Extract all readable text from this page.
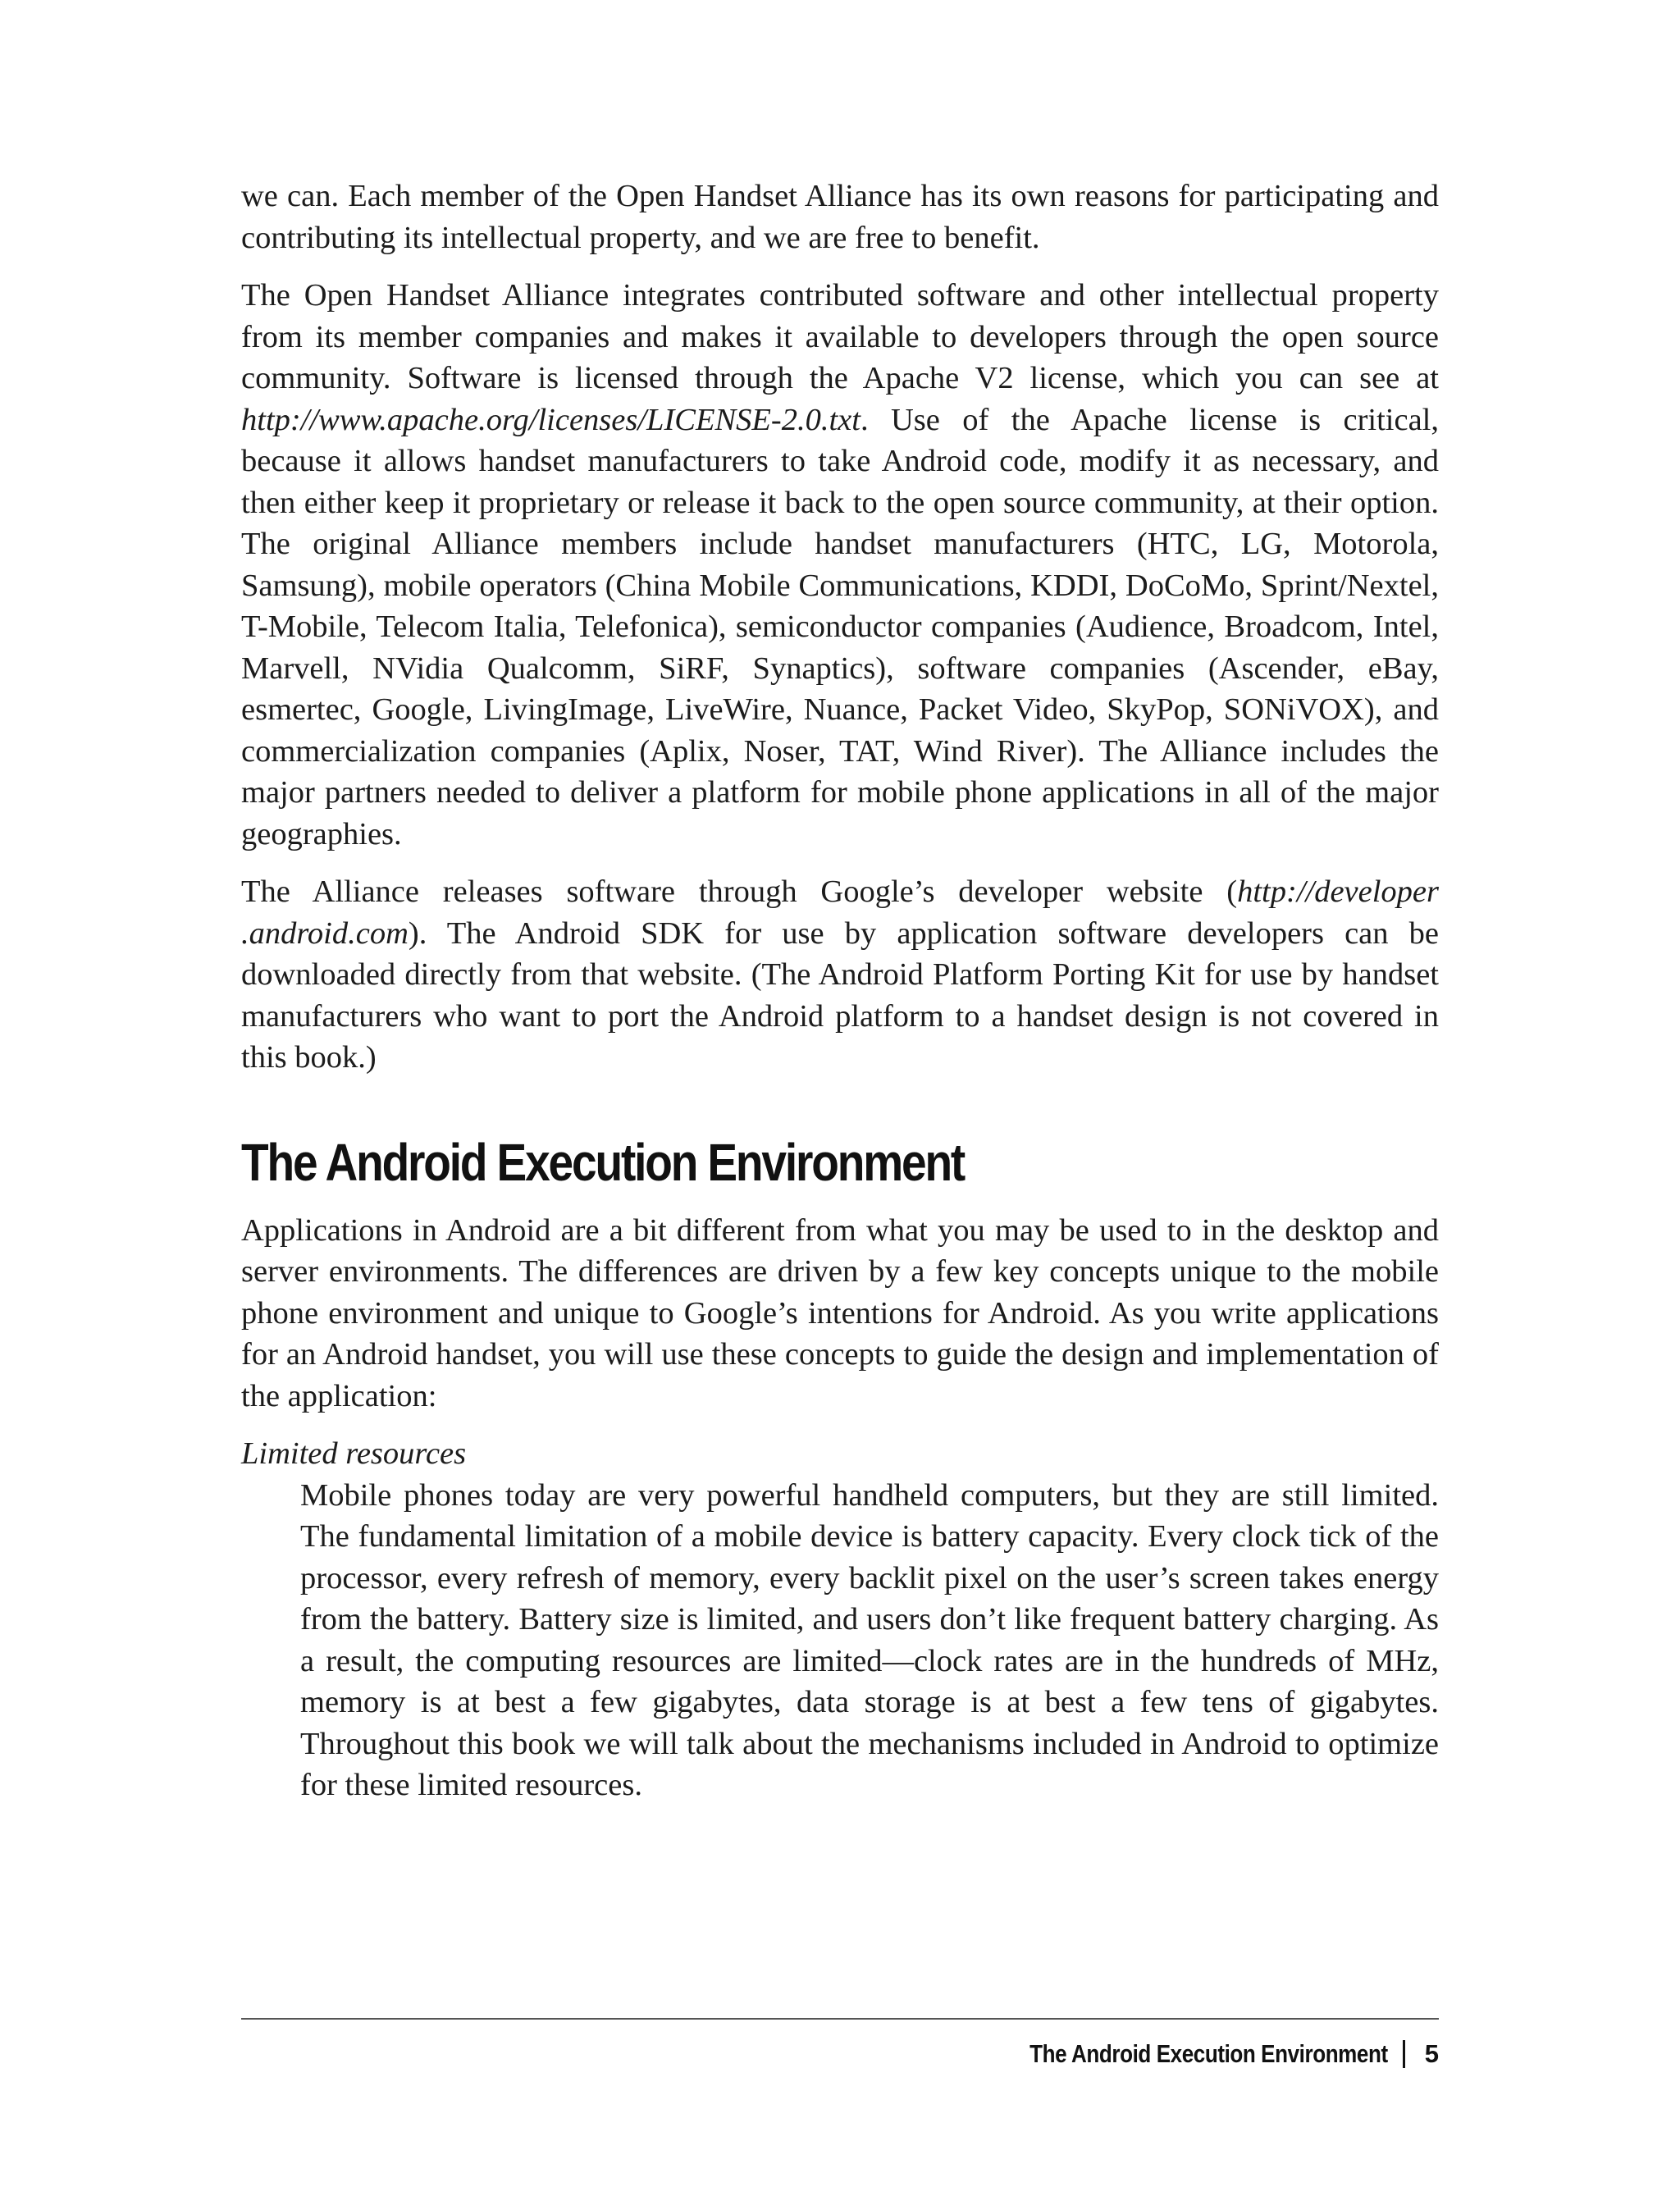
we can. Each member of the Open Handset Alliance has its own reasons for participating and contributing its intellectual property, and we are free to benefit.

The Open Handset Alliance integrates contributed software and other intellectual property from its member companies and makes it available to developers through the open source community. Software is licensed through the Apache V2 license, which you can see at http://www.apache.org/licenses/LICENSE-2.0.txt. Use of the Apache license is critical, because it allows handset manufacturers to take Android code, modify it as necessary, and then either keep it proprietary or release it back to the open source community, at their option. The original Alliance members include handset manufacturers (HTC, LG, Motorola, Samsung), mobile operators (China Mobile Communications, KDDI, DoCoMo, Sprint/Nextel, T-Mobile, Telecom Italia, Telefonica), semiconductor companies (Audience, Broadcom, Intel, Marvell, NVidia Qualcomm, SiRF, Synaptics), software companies (Ascender, eBay, esmertec, Google, LivingImage, LiveWire, Nuance, Packet Video, SkyPop, SONiVOX), and commercialization companies (Aplix, Noser, TAT, Wind River). The Alliance includes the major partners needed to deliver a platform for mobile phone applications in all of the major geographies.

The Alliance releases software through Google’s developer website (http://developer .android.com). The Android SDK for use by application software developers can be downloaded directly from that website. (The Android Platform Porting Kit for use by handset manufacturers who want to port the Android platform to a handset design is not covered in this book.)

The Android Execution Environment

Applications in Android are a bit different from what you may be used to in the desktop and server environments. The differences are driven by a few key concepts unique to the mobile phone environment and unique to Google’s intentions for Android. As you write applications for an Android handset, you will use these concepts to guide the design and implementation of the application:

Limited resources
Mobile phones today are very powerful handheld computers, but they are still limited. The fundamental limitation of a mobile device is battery capacity. Every clock tick of the processor, every refresh of memory, every backlit pixel on the user’s screen takes energy from the battery. Battery size is limited, and users don’t like frequent battery charging. As a result, the computing resources are limited—clock rates are in the hundreds of MHz, memory is at best a few gigabytes, data storage is at best a few tens of gigabytes. Throughout this book we will talk about the mechanisms included in Android to optimize for these limited resources.
The Android Execution Environment 5
